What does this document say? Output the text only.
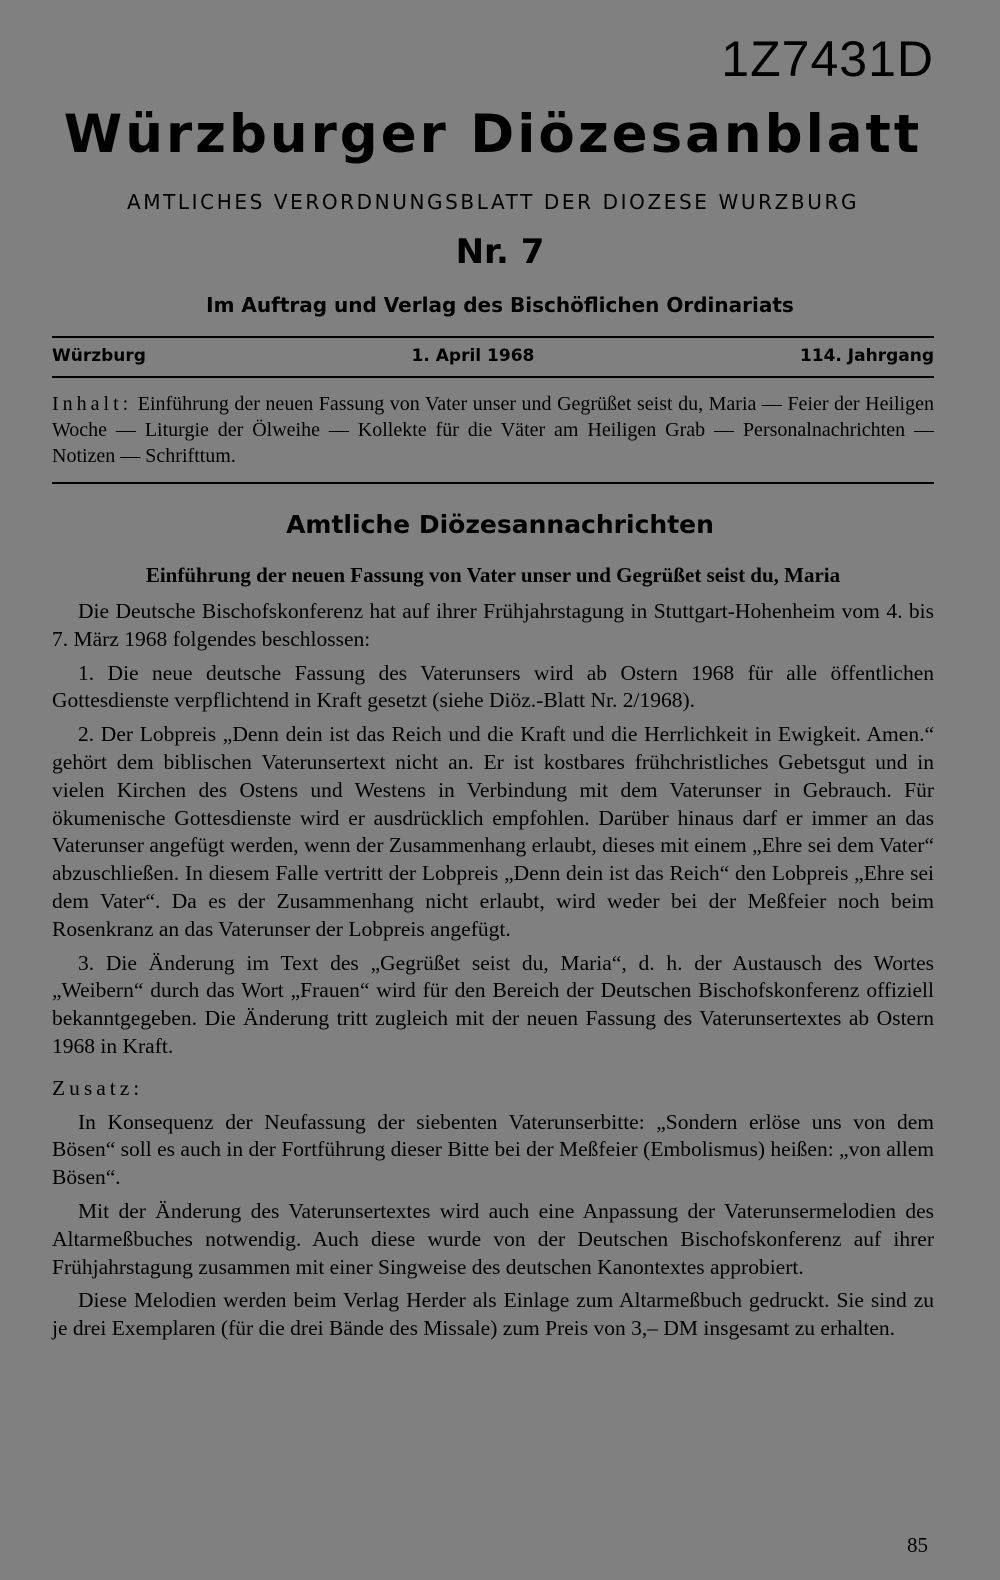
1Z7431D
Würzburger Diözesanblatt
AMTLICHES VERORDNUNGSBLATT DER DIOZESE WURZBURG
Nr. 7
Im Auftrag und Verlag des Bischöflichen Ordinariats
Würzburg	1. April 1968	114. Jahrgang
Inhalt: Einführung der neuen Fassung von Vater unser und Gegrüßet seist du, Maria — Feier der Heiligen Woche — Liturgie der Ölweihe — Kollekte für die Väter am Heiligen Grab — Personalnachrichten — Notizen — Schrifttum.
Amtliche Diözesannachrichten
Einführung der neuen Fassung von Vater unser und Gegrüßet seist du, Maria

Die Deutsche Bischofskonferenz hat auf ihrer Frühjahrstagung in Stuttgart-Hohenheim vom 4. bis 7. März 1968 folgendes beschlossen:

1. Die neue deutsche Fassung des Vaterunsers wird ab Ostern 1968 für alle öffentlichen Gottesdienste verpflichtend in Kraft gesetzt (siehe Diöz.-Blatt Nr. 2/1968).

2. Der Lobpreis „Denn dein ist das Reich und die Kraft und die Herrlichkeit in Ewigkeit. Amen.“ gehört dem biblischen Vaterunsertext nicht an. Er ist kostbares frühchristliches Gebetsgut und in vielen Kirchen des Ostens und Westens in Verbindung mit dem Vaterunser in Gebrauch. Für ökumenische Gottesdienste wird er ausdrücklich empfohlen. Darüber hinaus darf er immer an das Vaterunser angefügt werden, wenn der Zusammenhang erlaubt, dieses mit einem „Ehre sei dem Vater“ abzuschließen. In diesem Falle vertritt der Lobpreis „Denn dein ist das Reich“ den Lobpreis „Ehre sei dem Vater“. Da es der Zusammenhang nicht erlaubt, wird weder bei der Meßfeier noch beim Rosenkranz an das Vaterunser der Lobpreis angefügt.

3. Die Änderung im Text des „Gegrüßet seist du, Maria“, d. h. der Austausch des Wortes „Weibern“ durch das Wort „Frauen“ wird für den Bereich der Deutschen Bischofskonferenz offiziell bekanntgegeben. Die Änderung tritt zugleich mit der neuen Fassung des Vaterunsertextes ab Ostern 1968 in Kraft.

Zusatz:

In Konsequenz der Neufassung der siebenten Vaterunserbitte: „Sondern erlöse uns von dem Bösen“ soll es auch in der Fortführung dieser Bitte bei der Meßfeier (Embolismus) heißen: „von allem Bösen“.

Mit der Änderung des Vaterunsertextes wird auch eine Anpassung der Vaterunsermelodien des Altarmeßbuches notwendig. Auch diese wurde von der Deutschen Bischofskonferenz auf ihrer Frühjahrstagung zusammen mit einer Singweise des deutschen Kanontextes approbiert.

Diese Melodien werden beim Verlag Herder als Einlage zum Altarmeßbuch gedruckt. Sie sind zu je drei Exemplaren (für die drei Bände des Missale) zum Preis von 3,– DM insgesamt zu erhalten.

85
